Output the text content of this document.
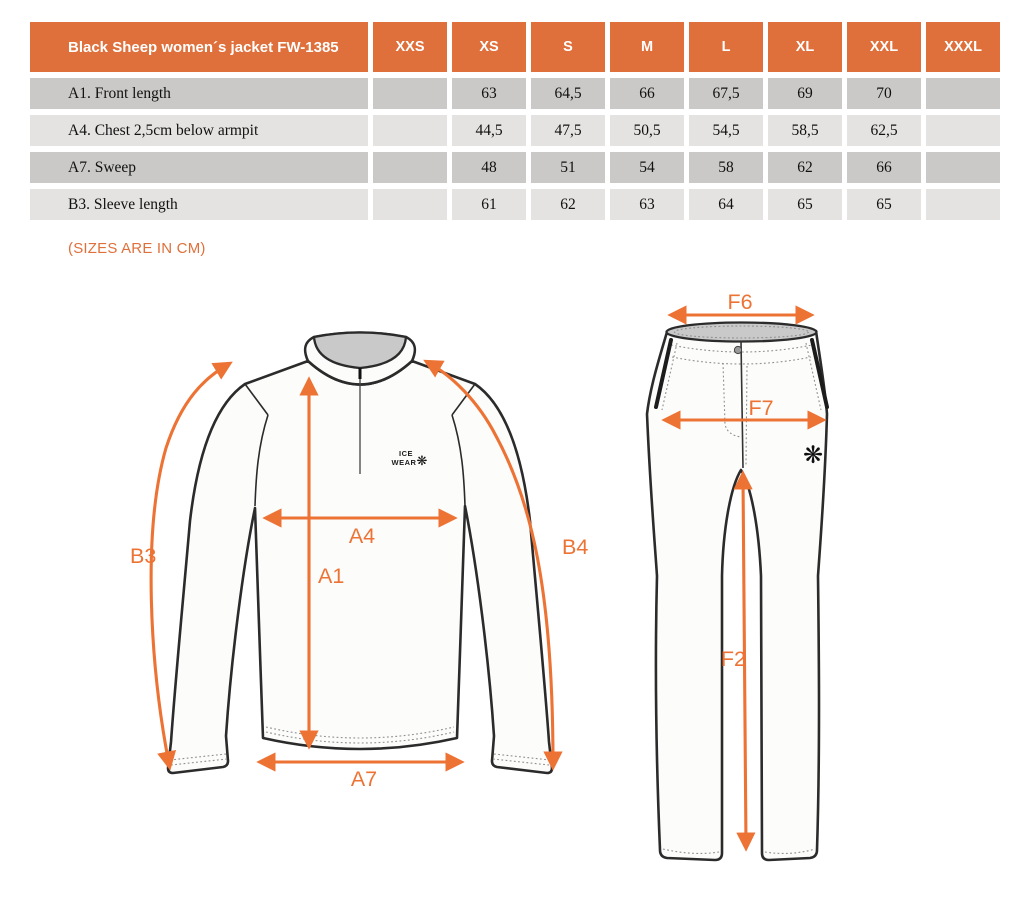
Black Sheep women´s jacket FW-1385	XXS	XS	S	M	L	XL	XXL	XXXL
A1. Front length		63	64,5	66	67,5	69	70	
A4. Chest 2,5cm below armpit		44,5	47,5	50,5	54,5	58,5	62,5	
A7. Sweep		48	51	54	58	62	66	
B3. Sleeve length		61	62	63	64	65	65	
(SIZES ARE IN CM)
ICE
WEAR ❋
B3
A4
A1
B4
A7
❋
F6
F7
F2
